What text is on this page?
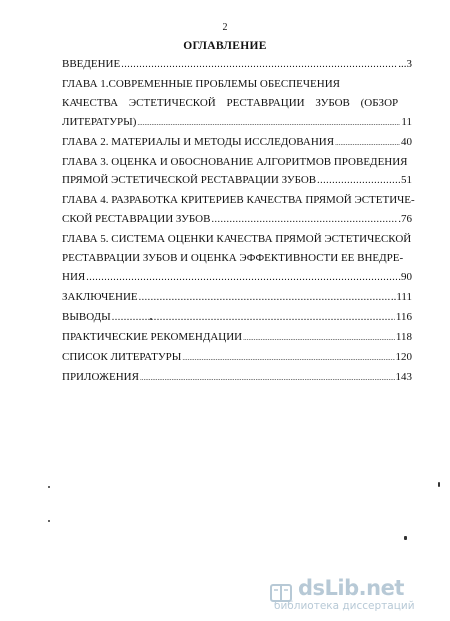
2
ОГЛАВЛЕНИЕ
ВВЕДЕНИЕ .....	...3
ГЛАВА 1.СОВРЕМЕННЫЕ ПРОБЛЕМЫ ОБЕСПЕЧЕНИЯ
КАЧЕСТВА ЭСТЕТИЧЕСКОЙ РЕСТАВРАЦИИ ЗУБОВ (ОБЗОР
ЛИТЕРАТУРЫ) .....	11
ГЛАВА 2. МАТЕРИАЛЫ И МЕТОДЫ ИССЛЕДОВАНИЯ .....	40
ГЛАВА 3. ОЦЕНКА И ОБОСНОВАНИЕ АЛГОРИТМОВ ПРОВЕДЕНИЯ
ПРЯМОЙ ЭСТЕТИЧЕСКОЙ РЕСТАВРАЦИИ ЗУБОВ .....	51
ГЛАВА 4. РАЗРАБОТКА КРИТЕРИЕВ КАЧЕСТВА ПРЯМОЙ ЭСТЕТИЧЕ-
СКОЙ РЕСТАВРАЦИИ ЗУБОВ .....	.76
ГЛАВА 5. СИСТЕМА ОЦЕНКИ КАЧЕСТВА ПРЯМОЙ ЭСТЕТИЧЕСКОЙ
РЕСТАВРАЦИИ ЗУБОВ И ОЦЕНКА ЭФФЕКТИВНОСТИ ЕЕ ВНЕДРЕ-
НИЯ .....	.90
ЗАКЛЮЧЕНИЕ .....	..111
ВЫВОДЫ .....	116
ПРАКТИЧЕСКИЕ РЕКОМЕНДАЦИИ .....	118
СПИСОК ЛИТЕРАТУРЫ .....	120
ПРИЛОЖЕНИЯ .....	143
dsLib.net
библиотека диссертаций
